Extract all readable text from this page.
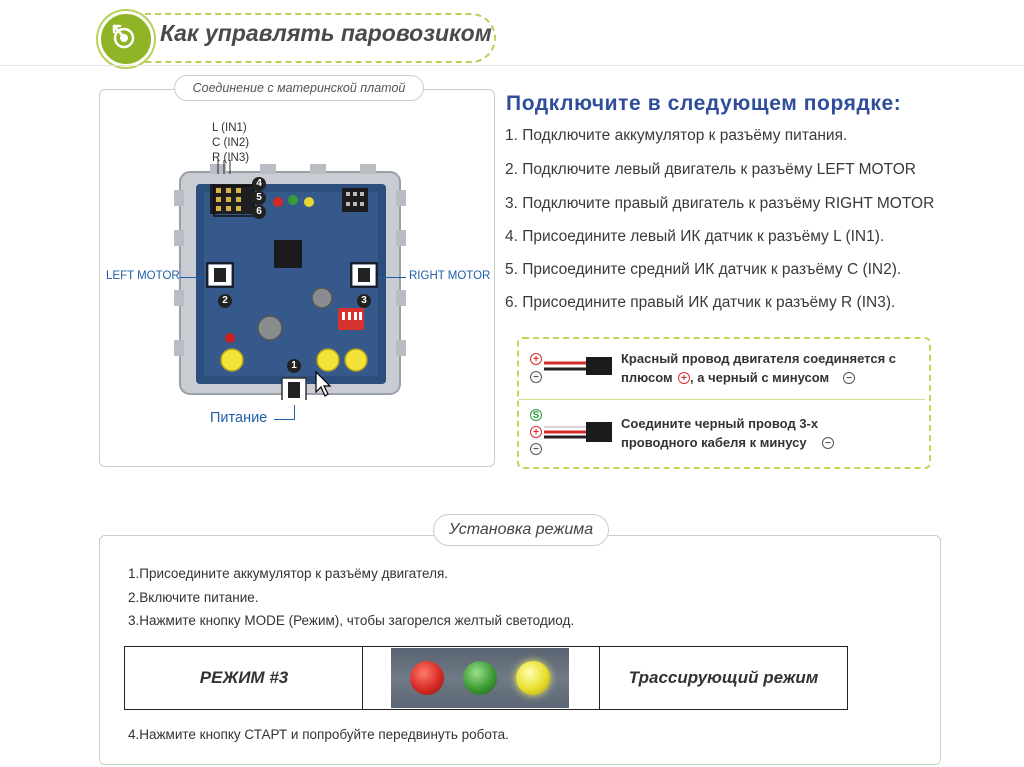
Как управлять паровозиком
Соединение с материнской платой
L (IN1)
C (IN2)
R (IN3)
4
5
6
1
2	3
LEFT MOTOR	RIGHT MOTOR
Питание
Подключите в следующем порядке:
1. Подключите аккумулятор к разъёму питания.
2. Подключите левый двигатель к разъёму LEFT MOTOR
3. Подключите правый двигатель к разъёму RIGHT MOTOR
4. Присоедините левый ИК датчик к разъёму L (IN1).
5. Присоедините средний ИК датчик к разъёму C (IN2).
6. Присоедините правый ИК датчик к разъёму R (IN3).
+
−
Красный провод двигателя соединяется с
плюсом + , а черный с минусом	−
S
+
−
Соедините черный провод 3-х
проводного кабеля к минусу	−
Установка режима
1.Присоедините аккумулятор к разъёму двигателя.
2.Включите питание.
3.Нажмите кнопку MODE (Режим), чтобы загорелся желтый светодиод.
РЕЖИМ #3	Трассирующий режим
4.Нажмите кнопку СТАРТ и попробуйте передвинуть робота.
